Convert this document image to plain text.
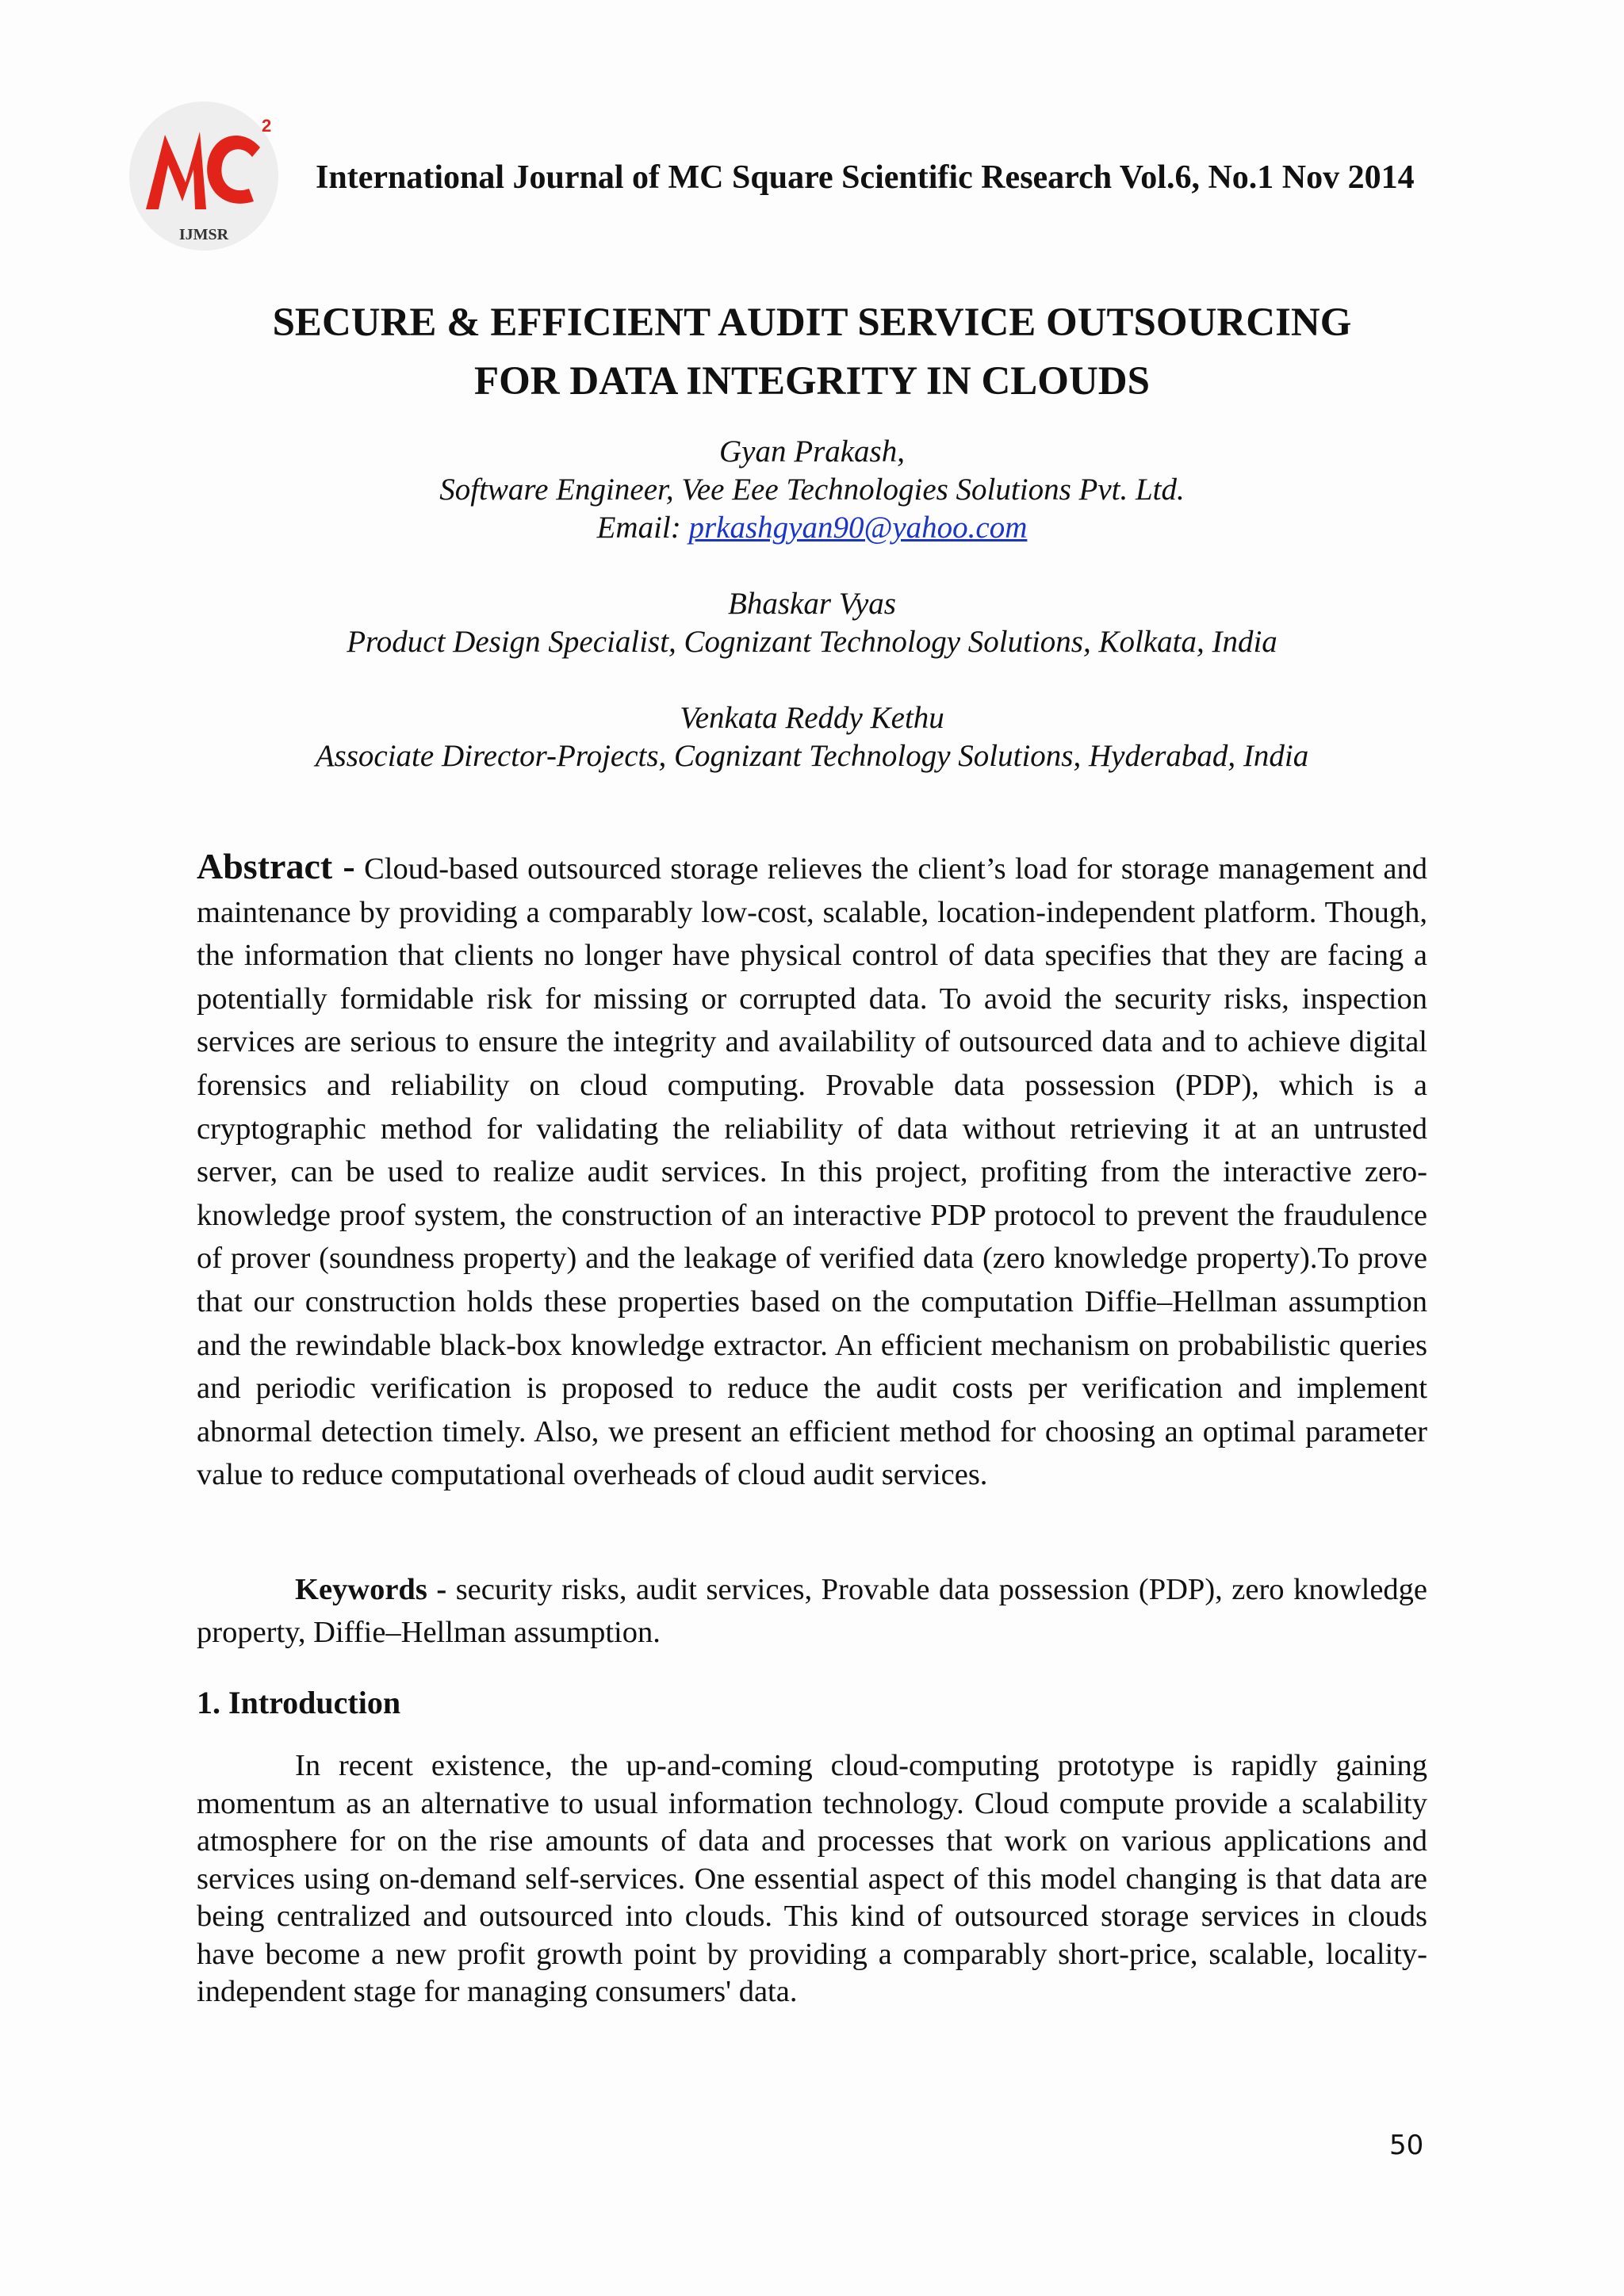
2
IJMSR
International Journal of MC Square Scientific Research Vol.6, No.1 Nov 2014
SECURE & EFFICIENT AUDIT SERVICE OUTSOURCING
FOR DATA INTEGRITY IN CLOUDS
Gyan Prakash,
Software Engineer, Vee Eee Technologies Solutions Pvt. Ltd.
Email: prkashgyan90@yahoo.com
Bhaskar Vyas
Product Design Specialist, Cognizant Technology Solutions, Kolkata, India
Venkata Reddy Kethu
Associate Director-Projects, Cognizant Technology Solutions, Hyderabad, India
Abstract - Cloud-based outsourced storage relieves the client’s load for storage management and maintenance by providing a comparably low-cost, scalable, location-independent platform. Though, the information that clients no longer have physical control of data specifies that they are facing a potentially formidable risk for missing or corrupted data. To avoid the security risks, inspection services are serious to ensure the integrity and availability of outsourced data and to achieve digital forensics and reliability on cloud computing. Provable data possession (PDP), which is a cryptographic method for validating the reliability of data without retrieving it at an untrusted server, can be used to realize audit services. In this project, profiting from the interactive zero-knowledge proof system, the construction of an interactive PDP protocol to prevent the fraudulence of prover (soundness property) and the leakage of verified data (zero knowledge property).To prove that our construction holds these properties based on the computation Diffie–Hellman assumption and the rewindable black-box knowledge extractor. An efficient mechanism on probabilistic queries and periodic verification is proposed to reduce the audit costs per verification and implement abnormal detection timely. Also, we present an efficient method for choosing an optimal parameter value to reduce computational overheads of cloud audit services.
Keywords - security risks, audit services, Provable data possession (PDP), zero knowledge property, Diffie–Hellman assumption.
1. Introduction
In recent existence, the up-and-coming cloud-computing prototype is rapidly gaining momentum as an alternative to usual information technology. Cloud compute provide a scalability atmosphere for on the rise amounts of data and processes that work on various applications and services using on-demand self-services. One essential aspect of this model changing is that data are being centralized and outsourced into clouds. This kind of outsourced storage services in clouds have become a new profit growth point by providing a comparably short-price, scalable, locality-independent stage for managing consumers' data.
50
